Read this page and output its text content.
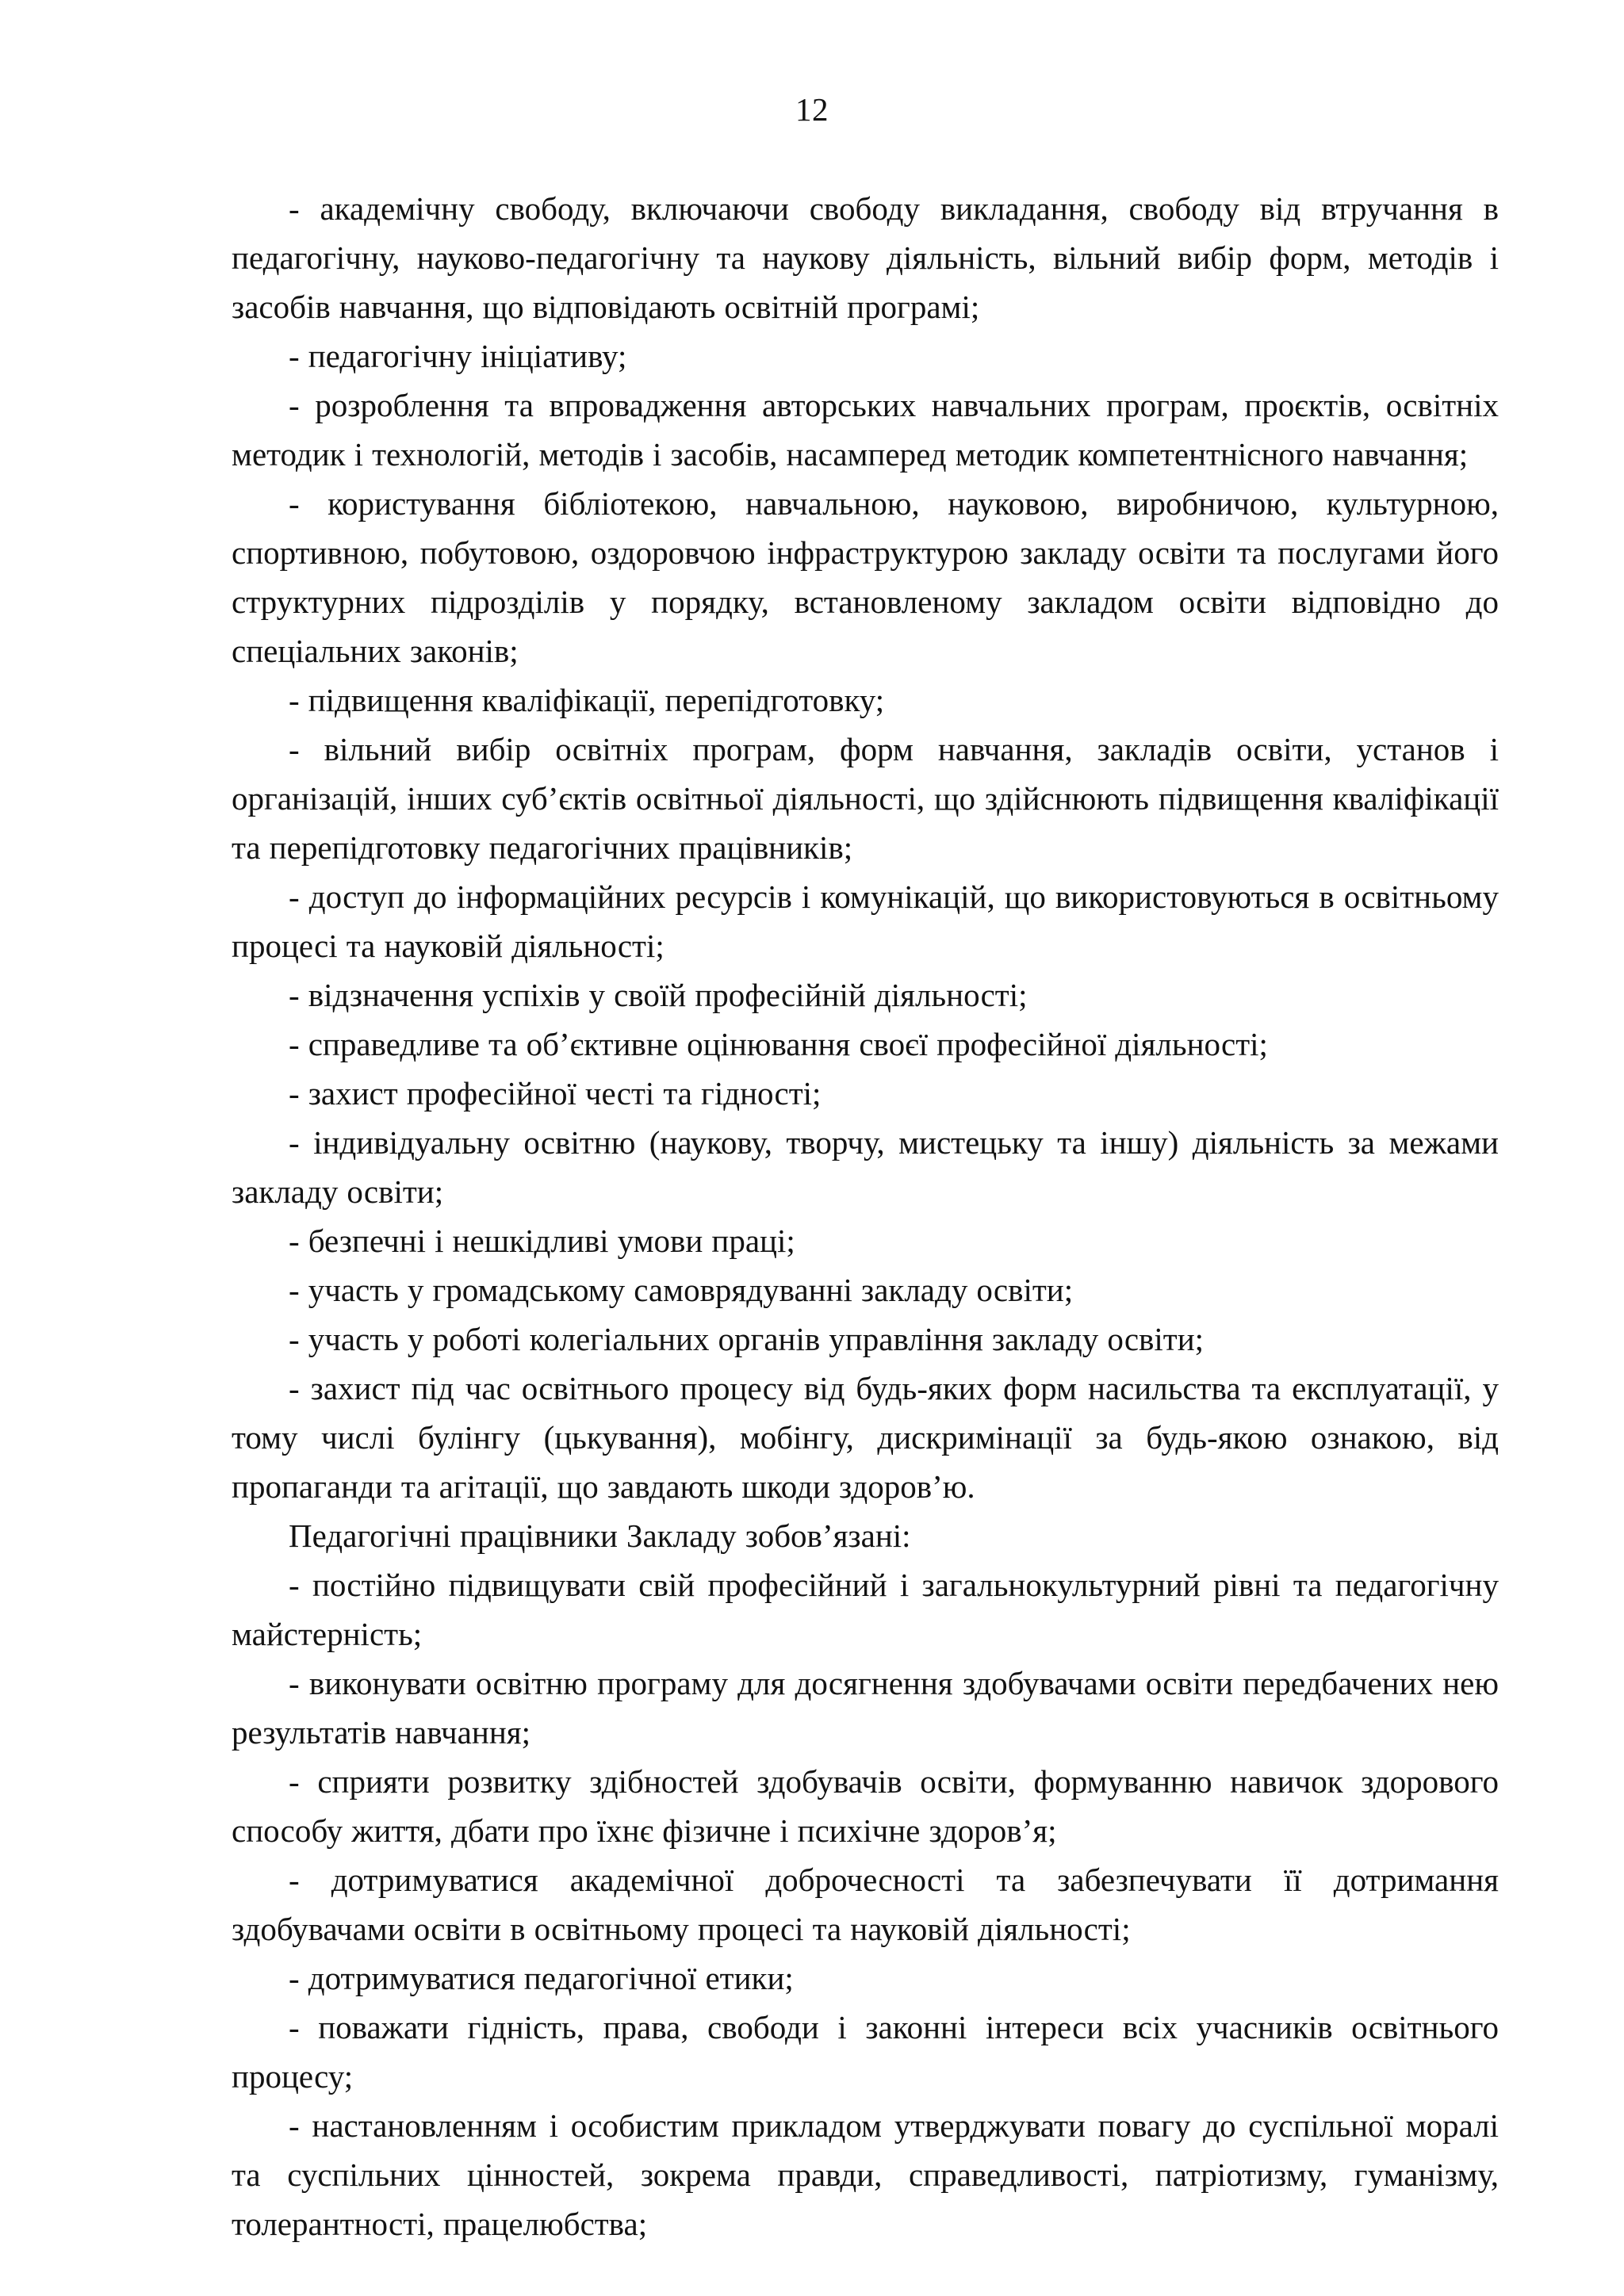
12

- академічну свободу, включаючи свободу викладання, свободу від втручання в педагогічну, науково-педагогічну та наукову діяльність, вільний вибір форм, методів і засобів навчання, що відповідають освітній програмі;

- педагогічну ініціативу;

- розроблення та впровадження авторських навчальних програм, проєктів, освітніх методик і технологій, методів і засобів, насамперед методик компетентнісного навчання;

- користування бібліотекою, навчальною, науковою, виробничою, культурною, спортивною, побутовою, оздоровчою інфраструктурою закладу освіти та послугами його структурних підрозділів у порядку, встановленому закладом освіти відповідно до спеціальних законів;

- підвищення кваліфікації, перепідготовку;

- вільний вибір освітніх програм, форм навчання, закладів освіти, установ і організацій, інших суб’єктів освітньої діяльності, що здійснюють підвищення кваліфікації та перепідготовку педагогічних працівників;

- доступ до інформаційних ресурсів і комунікацій, що використовуються в освітньому процесі та науковій діяльності;

- відзначення успіхів у своїй професійній діяльності;

- справедливе та об’єктивне оцінювання своєї професійної діяльності;

- захист професійної честі та гідності;

- індивідуальну освітню (наукову, творчу, мистецьку та іншу) діяльність за межами закладу освіти;

- безпечні і нешкідливі умови праці;

- участь у громадському самоврядуванні закладу освіти;

- участь у роботі колегіальних органів управління закладу освіти;

- захист під час освітнього процесу від будь-яких форм насильства та експлуатації, у тому числі булінгу (цькування), мобінгу, дискримінації за будь-якою ознакою, від пропаганди та агітації, що завдають шкоди здоров’ю.

Педагогічні працівники Закладу зобов’язані:

- постійно підвищувати свій професійний і загальнокультурний рівні та педагогічну майстерність;

- виконувати освітню програму для досягнення здобувачами освіти передбачених нею результатів навчання;

- сприяти розвитку здібностей здобувачів освіти, формуванню навичок здорового способу життя, дбати про їхнє фізичне і психічне здоров’я;

- дотримуватися академічної доброчесності та забезпечувати її дотримання здобувачами освіти в освітньому процесі та науковій діяльності;

- дотримуватися педагогічної етики;

- поважати гідність, права, свободи і законні інтереси всіх учасників освітнього процесу;

- настановленням і особистим прикладом утверджувати повагу до суспільної моралі та суспільних цінностей, зокрема правди, справедливості, патріотизму, гуманізму, толерантності, працелюбства;
